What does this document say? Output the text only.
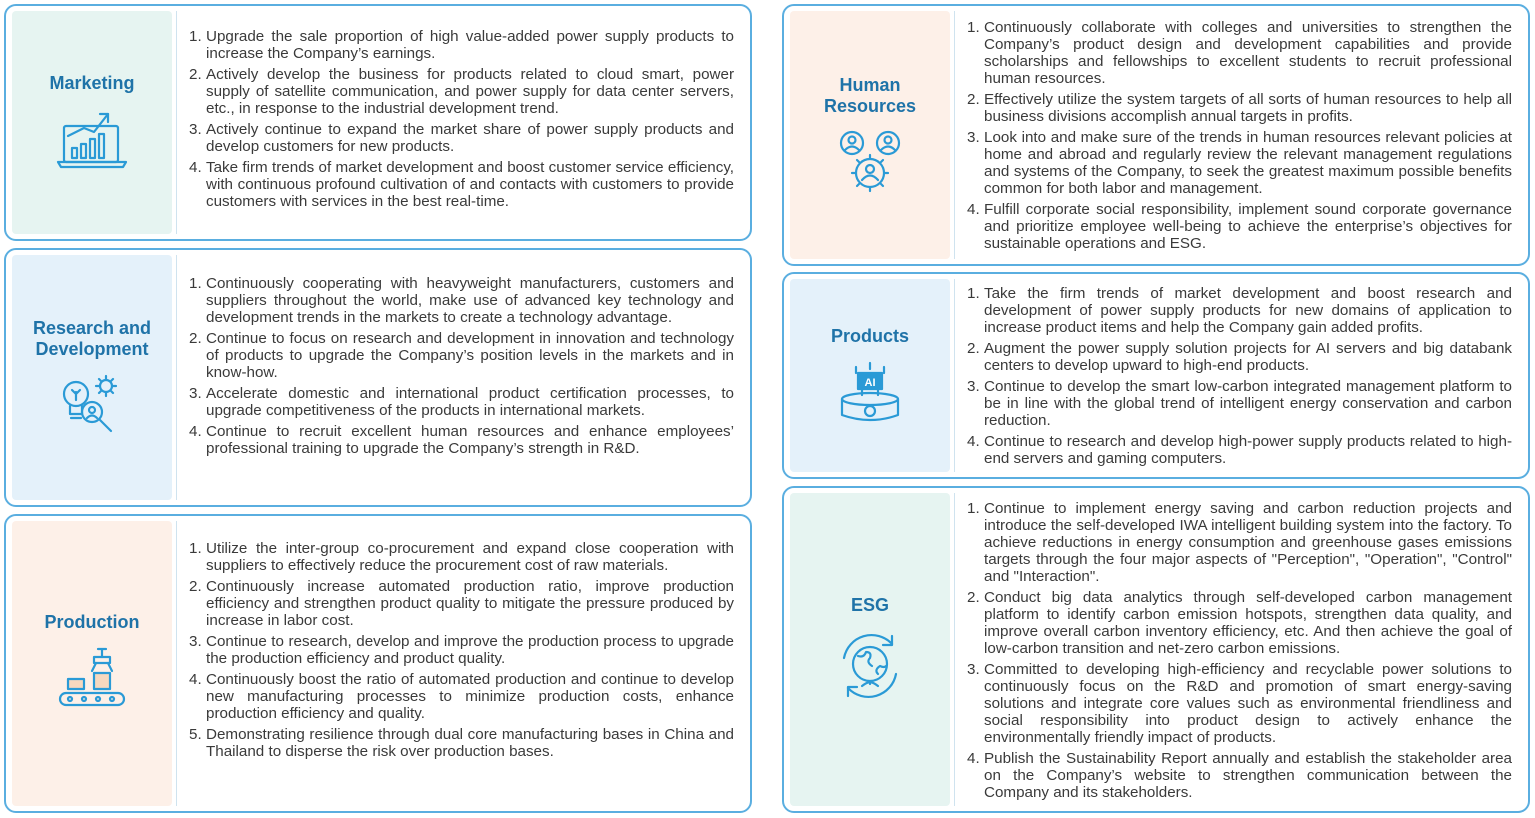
Marketing
1. Upgrade the sale proportion of high value-added power supply products to increase the Company’s earnings.
2. Actively develop the business for products related to cloud smart, power supply of satellite communication, and power supply for data center servers, etc., in response to the industrial development trend.
3. Actively continue to expand the market share of power supply products and develop customers for new products.
4. Take firm trends of market development and boost customer service efficiency, with continuous profound cultivation of and contacts with customers to provide customers with services in the best real-time.
Research and Development
1. Continuously cooperating with heavyweight manufacturers, customers and suppliers throughout the world, make use of advanced key technology and development trends in the markets to create a technology advantage.
2. Continue to focus on research and development in innovation and technology of products to upgrade the Company’s position levels in the markets and in know-how.
3. Accelerate domestic and international product certification processes, to upgrade competitiveness of the products in international markets.
4. Continue to recruit excellent human resources and enhance employees’ professional training to upgrade the Company’s strength in R&D.
Production
1. Utilize the inter-group co-procurement and expand close cooperation with suppliers to effectively reduce the procurement cost of raw materials.
2. Continuously increase automated production ratio, improve production efficiency and strengthen product quality to mitigate the pressure produced by increase in labor cost.
3. Continue to research, develop and improve the production process to upgrade the production efficiency and product quality.
4. Continuously boost the ratio of automated production and continue to develop new manufacturing processes to minimize production costs, enhance production efficiency and quality.
5. Demonstrating resilience through dual core manufacturing bases in China and Thailand to disperse the risk over production bases.
Human Resources
1. Continuously collaborate with colleges and universities to strengthen the Company’s product design and development capabilities and provide scholarships and fellowships to excellent students to recruit professional human resources.
2. Effectively utilize the system targets of all sorts of human resources to help all business divisions accomplish annual targets in profits.
3. Look into and make sure of the trends in human resources relevant policies at home and abroad and regularly review the relevant management regulations and systems of the Company, to seek the greatest maximum possible benefits common for both labor and management.
4. Fulfill corporate social responsibility, implement sound corporate governance and prioritize employee well-being to achieve the enterprise’s objectives for sustainable operations and ESG.
Products
AI
1. Take the firm trends of market development and boost research and development of power supply products for new domains of application to increase product items and help the Company gain added profits.
2. Augment the power supply solution projects for AI servers and big databank centers to develop upward to high-end products.
3. Continue to develop the smart low-carbon integrated management platform to be in line with the global trend of intelligent energy conservation and carbon reduction.
4. Continue to research and develop high-power supply products related to high-end servers and gaming computers.
ESG
1. Continue to implement energy saving and carbon reduction projects and introduce the self-developed IWA intelligent building system into the factory. To achieve reductions in energy consumption and greenhouse gases emissions targets through the four major aspects of "Perception", "Operation", "Control" and "Interaction".
2. Conduct big data analytics through self-developed carbon management platform to identify carbon emission hotspots, strengthen data quality, and improve overall carbon inventory efficiency, etc. And then achieve the goal of low-carbon transition and net-zero carbon emissions.
3. Committed to developing high-efficiency and recyclable power solutions to continuously focus on the R&D and promotion of smart energy-saving solutions and integrate core values such as environmental friendliness and social responsibility into product design to actively enhance the environmentally friendly impact of products.
4. Publish the Sustainability Report annually and establish the stakeholder area on the Company’s website to strengthen communication between the Company and its stakeholders.
